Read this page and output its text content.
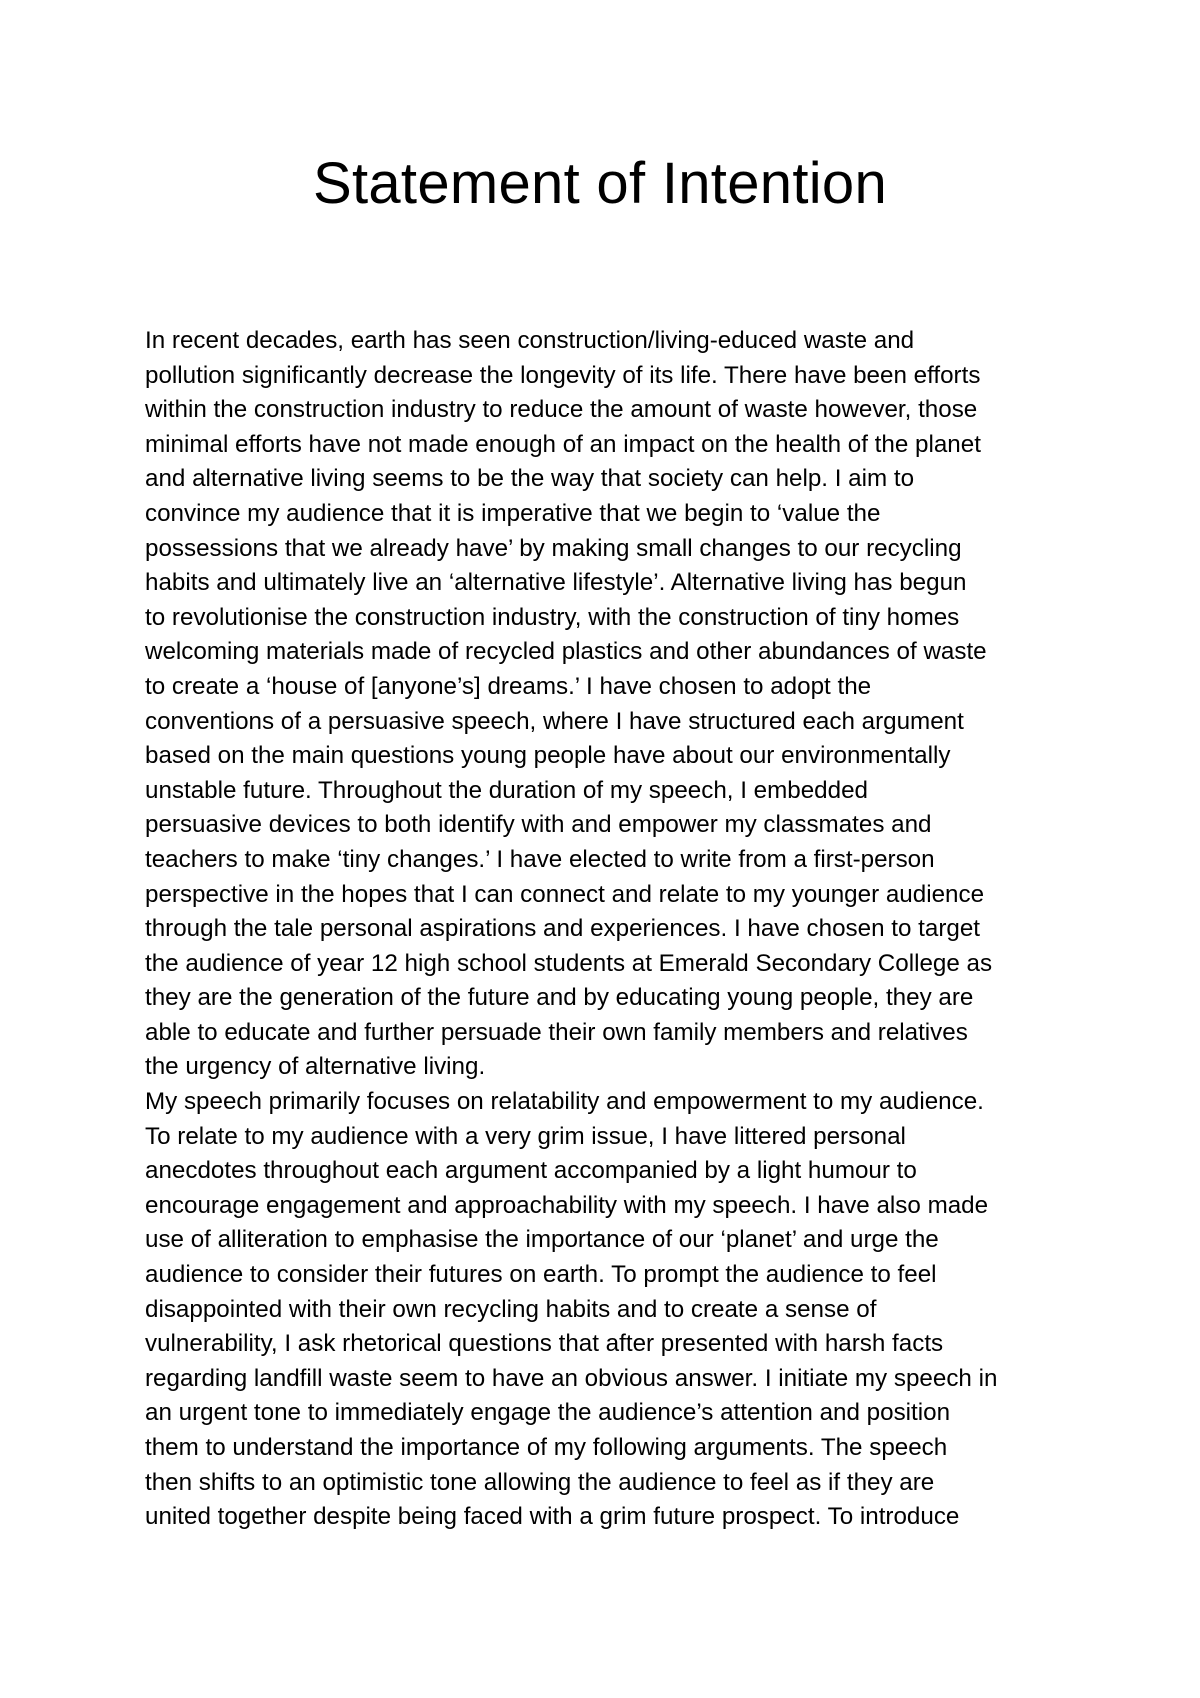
Statement of Intention

In recent decades, earth has seen construction/living-educed waste and

pollution significantly decrease the longevity of its life. There have been efforts

within the construction industry to reduce the amount of waste however, those

minimal efforts have not made enough of an impact on the health of the planet

and alternative living seems to be the way that society can help. I aim to

convince my audience that it is imperative that we begin to ‘value the

possessions that we already have’ by making small changes to our recycling

habits and ultimately live an ‘alternative lifestyle’. Alternative living has begun

to revolutionise the construction industry, with the construction of tiny homes

welcoming materials made of recycled plastics and other abundances of waste

to create a ‘house of [anyone’s] dreams.’ I have chosen to adopt the

conventions of a persuasive speech, where I have structured each argument

based on the main questions young people have about our environmentally

unstable future. Throughout the duration of my speech, I embedded

persuasive devices to both identify with and empower my classmates and

teachers to make ‘tiny changes.’ I have elected to write from a first-person

perspective in the hopes that I can connect and relate to my younger audience

through the tale personal aspirations and experiences. I have chosen to target

the audience of year 12 high school students at Emerald Secondary College as

they are the generation of the future and by educating young people, they are

able to educate and further persuade their own family members and relatives

the urgency of alternative living.

My speech primarily focuses on relatability and empowerment to my audience.

To relate to my audience with a very grim issue, I have littered personal

anecdotes throughout each argument accompanied by a light humour to

encourage engagement and approachability with my speech. I have also made

use of alliteration to emphasise the importance of our ‘planet’ and urge the

audience to consider their futures on earth. To prompt the audience to feel

disappointed with their own recycling habits and to create a sense of

vulnerability, I ask rhetorical questions that after presented with harsh facts

regarding landfill waste seem to have an obvious answer. I initiate my speech in

an urgent tone to immediately engage the audience’s attention and position

them to understand the importance of my following arguments. The speech

then shifts to an optimistic tone allowing the audience to feel as if they are

united together despite being faced with a grim future prospect. To introduce
